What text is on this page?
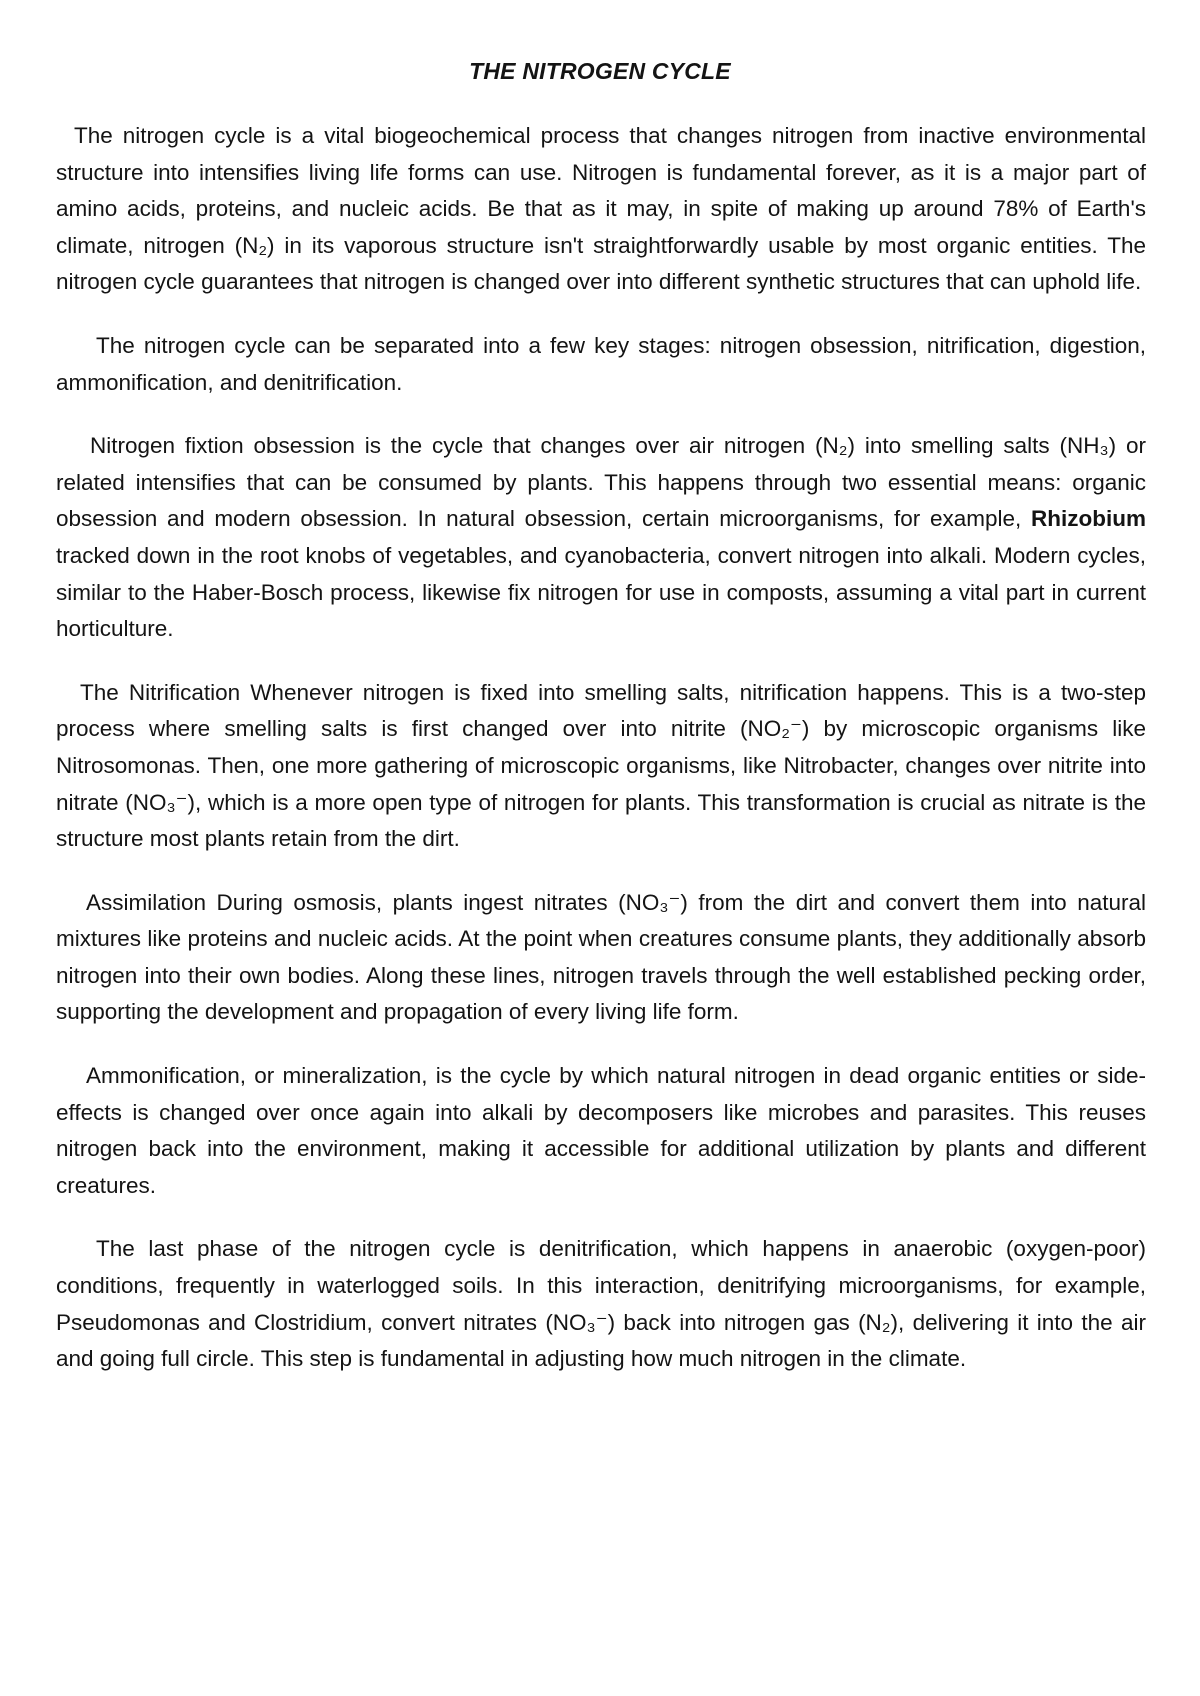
THE NITROGEN CYCLE

The nitrogen cycle is a vital biogeochemical process that changes nitrogen from inactive environmental structure into intensifies living life forms can use. Nitrogen is fundamental forever, as it is a major part of amino acids, proteins, and nucleic acids. Be that as it may, in spite of making up around 78% of Earth's climate, nitrogen (N₂) in its vaporous structure isn't straightforwardly usable by most organic entities. The nitrogen cycle guarantees that nitrogen is changed over into different synthetic structures that can uphold life.

The nitrogen cycle can be separated into a few key stages: nitrogen obsession, nitrification, digestion, ammonification, and denitrification.

Nitrogen fixtion obsession is the cycle that changes over air nitrogen (N₂) into smelling salts (NH₃) or related intensifies that can be consumed by plants. This happens through two essential means: organic obsession and modern obsession. In natural obsession, certain microorganisms, for example, Rhizobium tracked down in the root knobs of vegetables, and cyanobacteria, convert nitrogen into alkali. Modern cycles, similar to the Haber-Bosch process, likewise fix nitrogen for use in composts, assuming a vital part in current horticulture.

The Nitrification Whenever nitrogen is fixed into smelling salts, nitrification happens. This is a two-step process where smelling salts is first changed over into nitrite (NO₂⁻) by microscopic organisms like Nitrosomonas. Then, one more gathering of microscopic organisms, like Nitrobacter, changes over nitrite into nitrate (NO₃⁻), which is a more open type of nitrogen for plants. This transformation is crucial as nitrate is the structure most plants retain from the dirt.

Assimilation During osmosis, plants ingest nitrates (NO₃⁻) from the dirt and convert them into natural mixtures like proteins and nucleic acids. At the point when creatures consume plants, they additionally absorb nitrogen into their own bodies. Along these lines, nitrogen travels through the well established pecking order, supporting the development and propagation of every living life form.

Ammonification, or mineralization, is the cycle by which natural nitrogen in dead organic entities or side-effects is changed over once again into alkali by decomposers like microbes and parasites. This reuses nitrogen back into the environment, making it accessible for additional utilization by plants and different creatures.

The last phase of the nitrogen cycle is denitrification, which happens in anaerobic (oxygen-poor) conditions, frequently in waterlogged soils. In this interaction, denitrifying microorganisms, for example, Pseudomonas and Clostridium, convert nitrates (NO₃⁻) back into nitrogen gas (N₂), delivering it into the air and going full circle. This step is fundamental in adjusting how much nitrogen in the climate.
